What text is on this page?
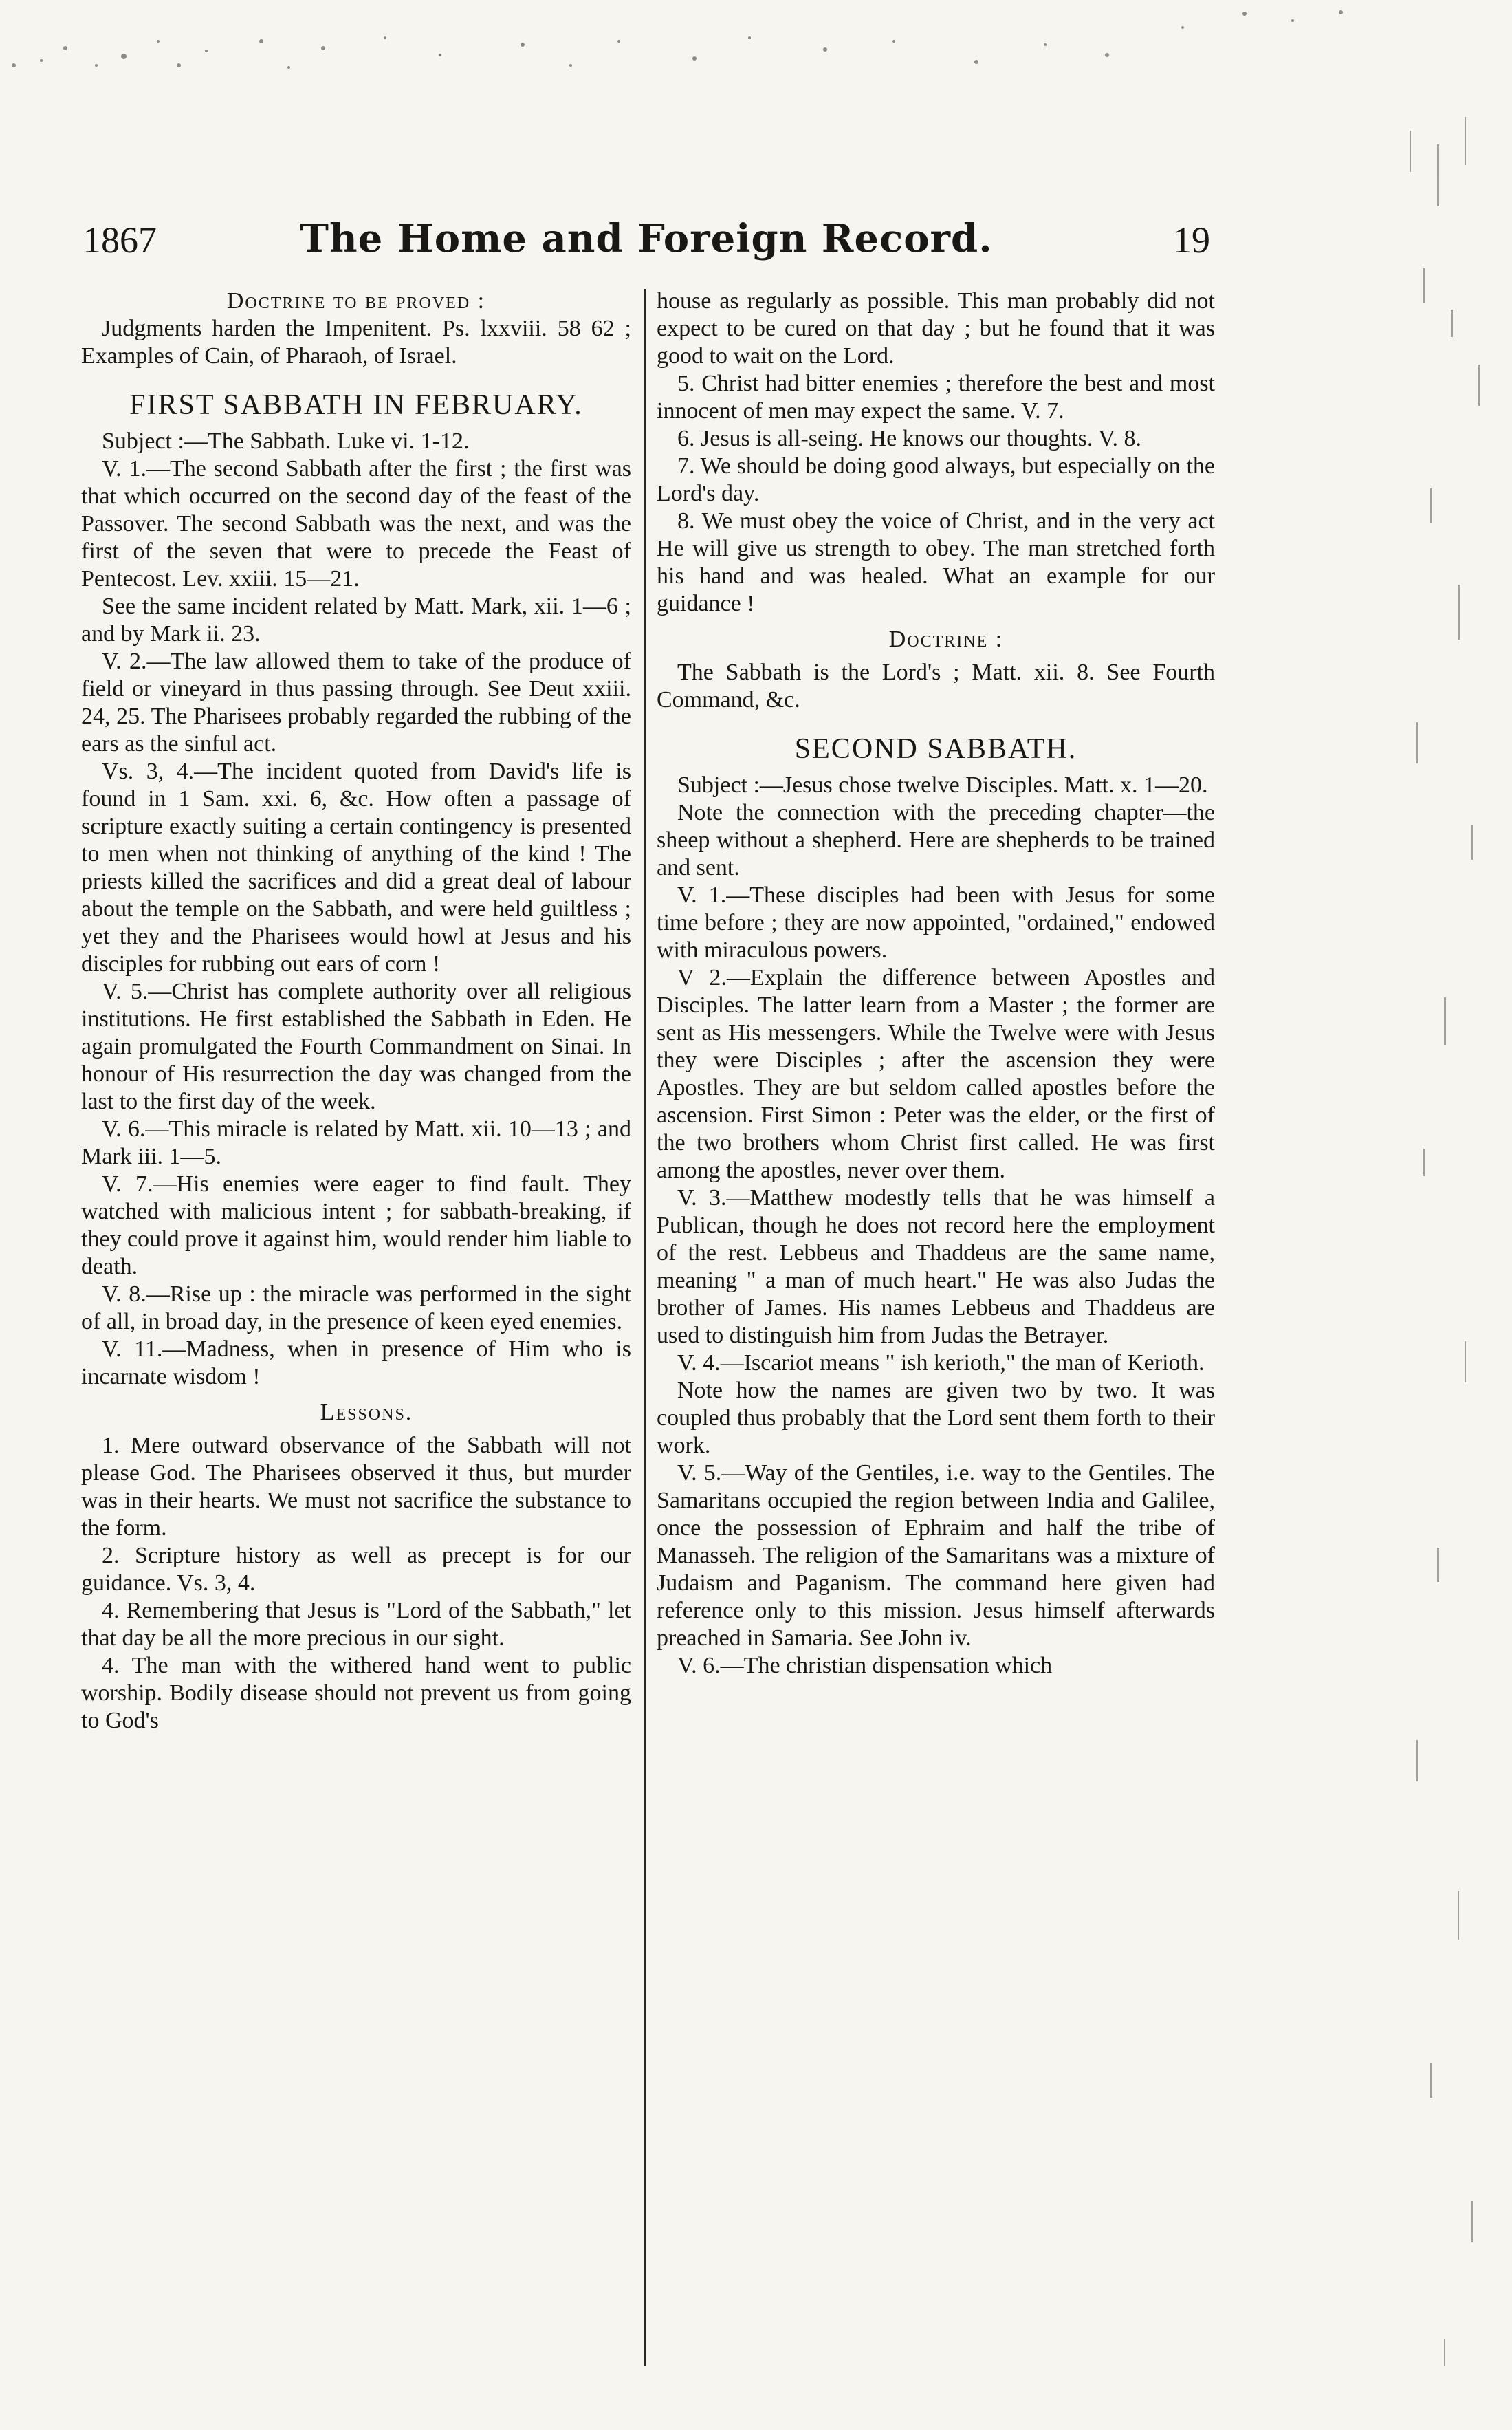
1867	The Home and Foreign Record.	19

Doctrine to be proved :

Judgments harden the Impenitent. Ps. lxxviii. 58 62 ; Examples of Cain, of Pharaoh, of Israel.

FIRST SABBATH IN FEBRUARY.

Subject :—The Sabbath. Luke vi. 1-12.

V. 1.—The second Sabbath after the first ; the first was that which occurred on the second day of the feast of the Passover. The second Sabbath was the next, and was the first of the seven that were to precede the Feast of Pentecost. Lev. xxiii. 15—21.

See the same incident related by Matt. Mark, xii. 1—6 ; and by Mark ii. 23.

V. 2.—The law allowed them to take of the produce of field or vineyard in thus passing through. See Deut xxiii. 24, 25. The Pharisees probably regarded the rubbing of the ears as the sinful act.

Vs. 3, 4.—The incident quoted from David's life is found in 1 Sam. xxi. 6, &c. How often a passage of scripture exactly suiting a certain contingency is presented to men when not thinking of anything of the kind ! The priests killed the sacrifices and did a great deal of labour about the temple on the Sabbath, and were held guiltless ; yet they and the Pharisees would howl at Jesus and his disciples for rubbing out ears of corn !

V. 5.—Christ has complete authority over all religious institutions. He first established the Sabbath in Eden. He again promulgated the Fourth Commandment on Sinai. In honour of His resurrection the day was changed from the last to the first day of the week.

V. 6.—This miracle is related by Matt. xii. 10—13 ; and Mark iii. 1—5.

V. 7.—His enemies were eager to find fault. They watched with malicious intent ; for sabbath-breaking, if they could prove it against him, would render him liable to death.

V. 8.—Rise up : the miracle was performed in the sight of all, in broad day, in the presence of keen eyed enemies.

V. 11.—Madness, when in presence of Him who is incarnate wisdom !

Lessons.

1. Mere outward observance of the Sabbath will not please God. The Pharisees observed it thus, but murder was in their hearts. We must not sacrifice the substance to the form.

2. Scripture history as well as precept is for our guidance. Vs. 3, 4.

4. Remembering that Jesus is "Lord of the Sabbath," let that day be all the more precious in our sight.

4. The man with the withered hand went to public worship. Bodily disease should not prevent us from going to God's

house as regularly as possible. This man probably did not expect to be cured on that day ; but he found that it was good to wait on the Lord.

5. Christ had bitter enemies ; therefore the best and most innocent of men may expect the same. V. 7.

6. Jesus is all-seing. He knows our thoughts. V. 8.

7. We should be doing good always, but especially on the Lord's day.

8. We must obey the voice of Christ, and in the very act He will give us strength to obey. The man stretched forth his hand and was healed. What an example for our guidance !

Doctrine :

The Sabbath is the Lord's ; Matt. xii. 8. See Fourth Command, &c.

SECOND SABBATH.

Subject :—Jesus chose twelve Disciples. Matt. x. 1—20.

Note the connection with the preceding chapter—the sheep without a shepherd. Here are shepherds to be trained and sent.

V. 1.—These disciples had been with Jesus for some time before ; they are now appointed, "ordained," endowed with miraculous powers.

V 2.—Explain the difference between Apostles and Disciples. The latter learn from a Master ; the former are sent as His messengers. While the Twelve were with Jesus they were Disciples ; after the ascension they were Apostles. They are but seldom called apostles before the ascension. First Simon : Peter was the elder, or the first of the two brothers whom Christ first called. He was first among the apostles, never over them.

V. 3.—Matthew modestly tells that he was himself a Publican, though he does not record here the employment of the rest. Lebbeus and Thaddeus are the same name, meaning " a man of much heart." He was also Judas the brother of James. His names Lebbeus and Thaddeus are used to distinguish him from Judas the Betrayer.

V. 4.—Iscariot means " ish kerioth," the man of Kerioth.

Note how the names are given two by two. It was coupled thus probably that the Lord sent them forth to their work.

V. 5.—Way of the Gentiles, i.e. way to the Gentiles. The Samaritans occupied the region between India and Galilee, once the possession of Ephraim and half the tribe of Manasseh. The religion of the Samaritans was a mixture of Judaism and Paganism. The command here given had reference only to this mission. Jesus himself afterwards preached in Samaria. See John iv.

V. 6.—The christian dispensation which
